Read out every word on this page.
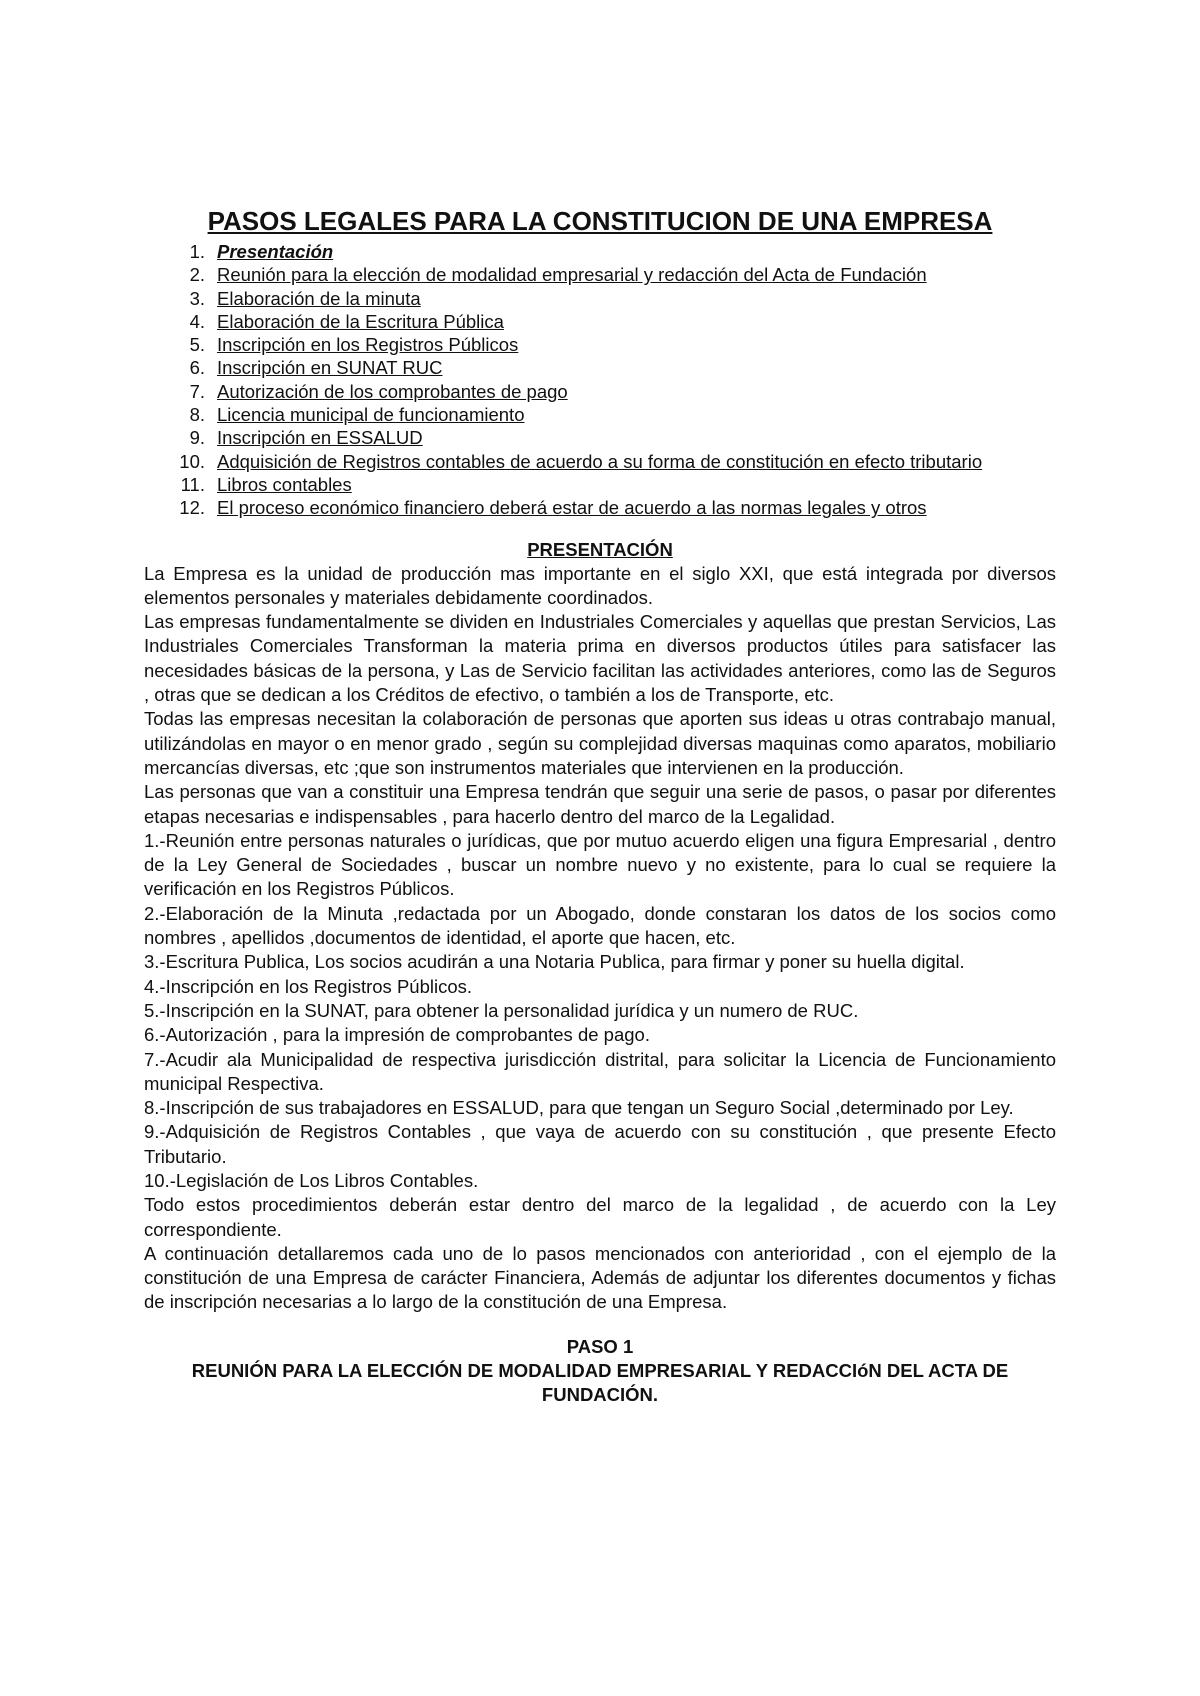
PASOS LEGALES PARA LA CONSTITUCION DE UNA EMPRESA
1. Presentación
2. Reunión para la elección de modalidad empresarial y redacción del Acta de Fundación
3. Elaboración de la minuta
4. Elaboración de la Escritura Pública
5. Inscripción en los Registros Públicos
6. Inscripción en SUNAT RUC
7. Autorización de los comprobantes de pago
8. Licencia municipal de funcionamiento
9. Inscripción en ESSALUD
10. Adquisición de Registros contables de acuerdo a su forma de constitución en efecto tributario
11. Libros contables
12. El proceso económico financiero deberá estar de acuerdo a las normas legales y otros
PRESENTACIÓN

La Empresa es la unidad de producción mas importante en el siglo XXI, que está integrada por diversos elementos personales y materiales debidamente coordinados.

Las empresas fundamentalmente se dividen en Industriales Comerciales y aquellas que prestan Servicios, Las Industriales Comerciales Transforman la materia prima en diversos productos útiles para satisfacer las necesidades básicas de la persona, y Las de Servicio facilitan las actividades anteriores, como las de Seguros , otras que se dedican a los Créditos de efectivo, o también a los de Transporte, etc.

Todas las empresas necesitan la colaboración de personas que aporten sus ideas u otras contrabajo manual, utilizándolas en mayor o en menor grado , según su complejidad diversas maquinas como aparatos, mobiliario mercancías diversas, etc ;que son instrumentos materiales que intervienen en la producción.

Las personas que van a constituir una Empresa tendrán que seguir una serie de pasos, o pasar por diferentes etapas necesarias e indispensables , para hacerlo dentro del marco de la Legalidad.

1.-Reunión entre personas naturales o jurídicas, que por mutuo acuerdo eligen una figura Empresarial , dentro de la Ley General de Sociedades , buscar un nombre nuevo y no existente, para lo cual se requiere la verificación en los Registros Públicos.

2.-Elaboración de la Minuta ,redactada por un Abogado, donde constaran los datos de los socios como nombres , apellidos ,documentos de identidad, el aporte que hacen, etc.

3.-Escritura Publica, Los socios acudirán a una Notaria Publica, para firmar y poner su huella digital.

4.-Inscripción en los Registros Públicos.

5.-Inscripción en la SUNAT, para obtener la personalidad jurídica y un numero de RUC.

6.-Autorización , para la impresión de comprobantes de pago.

7.-Acudir ala Municipalidad de respectiva jurisdicción distrital, para solicitar la Licencia de Funcionamiento municipal Respectiva.

8.-Inscripción de sus trabajadores en ESSALUD, para que tengan un Seguro Social ,determinado por Ley.

9.-Adquisición de Registros Contables , que vaya de acuerdo con su constitución , que presente Efecto Tributario.

10.-Legislación de Los Libros Contables.

Todo estos procedimientos deberán estar dentro del marco de la legalidad , de acuerdo con la Ley correspondiente.

A continuación detallaremos cada uno de lo pasos mencionados con anterioridad , con el ejemplo de la constitución de una Empresa de carácter Financiera, Además de adjuntar los diferentes documentos y fichas de inscripción necesarias a lo largo de la constitución de una Empresa.

PASO 1
REUNIÓN PARA LA ELECCIÓN DE MODALIDAD EMPRESARIAL Y REDACCIóN DEL ACTA DE FUNDACIÓN.
